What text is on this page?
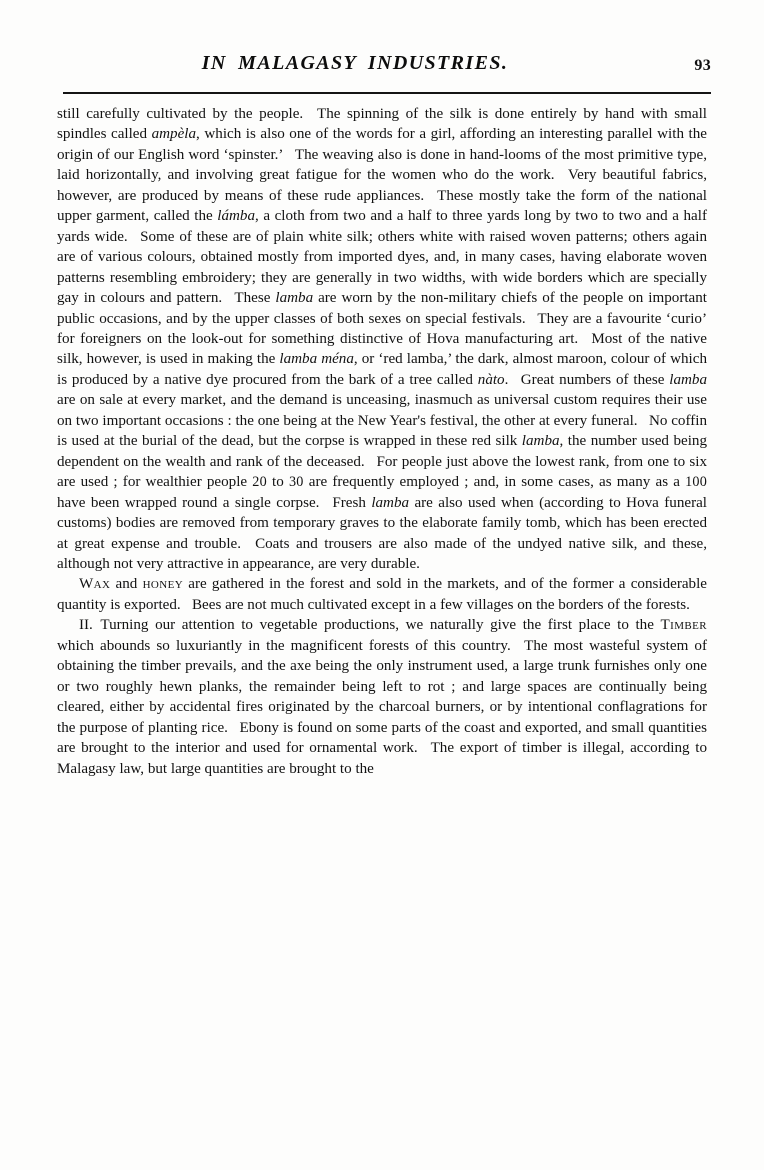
IN MALAGASY INDUSTRIES.	93

still carefully cultivated by the people.  The spinning of the silk is done entirely by hand with small spindles called ampèla, which is also one of the words for a girl, affording an interesting parallel with the origin of our English word ‘spinster.’  The weaving also is done in hand-looms of the most primitive type, laid horizontally, and involving great fatigue for the women who do the work.  Very beautiful fabrics, however, are produced by means of these rude appliances.  These mostly take the form of the national upper garment, called the lámba, a cloth from two and a half to three yards long by two to two and a half yards wide.  Some of these are of plain white silk; others white with raised woven patterns; others again are of various colours, obtained mostly from imported dyes, and, in many cases, having elaborate woven patterns resembling embroidery; they are generally in two widths, with wide borders which are specially gay in colours and pattern.  These lamba are worn by the non-military chiefs of the people on important public occasions, and by the upper classes of both sexes on special festivals.  They are a favourite ‘curio’ for foreigners on the look-out for something distinctive of Hova manufacturing art.  Most of the native silk, however, is used in making the lamba ména, or ‘red lamba,’ the dark, almost maroon, colour of which is produced by a native dye procured from the bark of a tree called nàto.  Great numbers of these lamba are on sale at every market, and the demand is unceasing, inasmuch as universal custom requires their use on two important occasions : the one being at the New Year's festival, the other at every funeral.  No coffin is used at the burial of the dead, but the corpse is wrapped in these red silk lamba, the number used being dependent on the wealth and rank of the deceased.  For people just above the lowest rank, from one to six are used ; for wealthier people 20 to 30 are frequently employed ; and, in some cases, as many as a 100 have been wrapped round a single corpse.  Fresh lamba are also used when (according to Hova funeral customs) bodies are removed from temporary graves to the elaborate family tomb, which has been erected at great expense and trouble.  Coats and trousers are also made of the undyed native silk, and these, although not very attractive in appearance, are very durable.

Wax and honey are gathered in the forest and sold in the markets, and of the former a considerable quantity is exported.  Bees are not much cultivated except in a few villages on the borders of the forests.

II. Turning our attention to vegetable productions, we naturally give the first place to the Timber which abounds so luxuriantly in the magnificent forests of this country.  The most wasteful system of obtaining the timber prevails, and the axe being the only instrument used, a large trunk furnishes only one or two roughly hewn planks, the remainder being left to rot ; and large spaces are continually being cleared, either by accidental fires originated by the charcoal burners, or by intentional conflagrations for the purpose of planting rice.  Ebony is found on some parts of the coast and exported, and small quantities are brought to the interior and used for ornamental work.  The export of timber is illegal, according to Malagasy law, but large quantities are brought to the
